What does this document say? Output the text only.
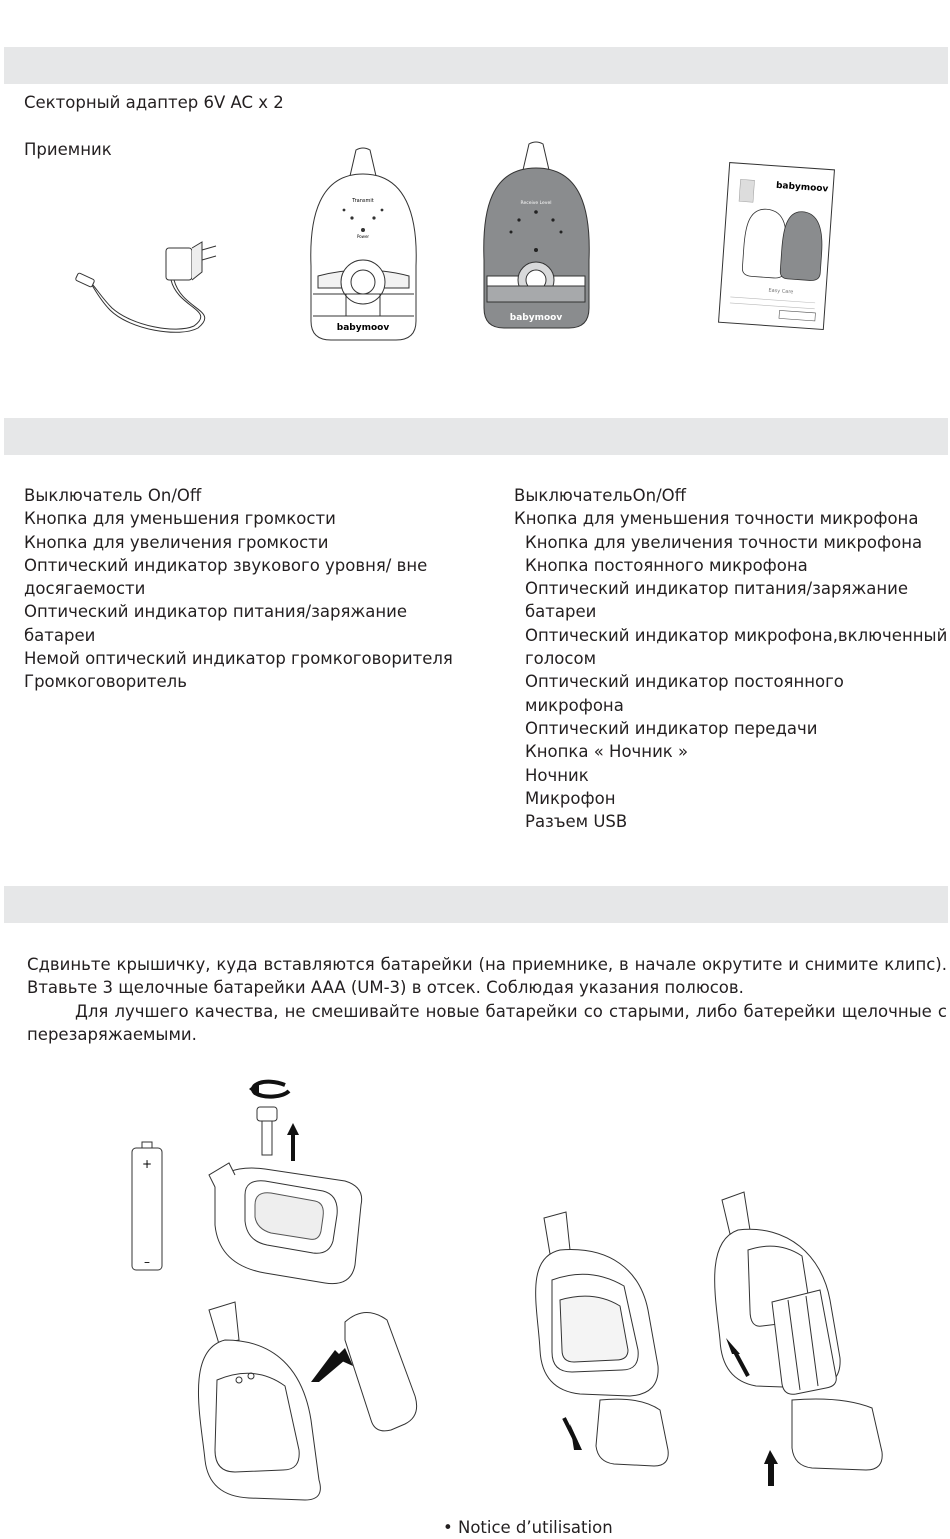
Секторный адаптер 6V AC x 2
Приемник
Transmit
Power
babymoov
Receive Level
babymoov
babymoov
Easy Care
Выключатель On/Off
Кнопка для уменьшения громкости
Кнопка для увеличения громкости
Оптический индикатор звукового уровня/ вне
досягаемости
Оптический индикатор питания/заряжание
батареи
Немой оптический индикатор громкоговорителя
Громкоговоритель
ВыключательOn/Off
Кнопка для уменьшения точности микрофона
Кнопка для увеличения точности микрофона
Кнопка постоянного микрофона
Оптический индикатор питания/заряжание
батареи
Оптический индикатор микрофона,включенный
голосом
Оптический индикатор постоянного
микрофона
Оптический индикатор передачи
Кнопка « Ночник »
Ночник
Микрофон
Разъем USB
Сдвиньте крышичку, куда вставляются батарейки (на приемнике, в начале окрутите и снимите клипс). Втавьте 3 щелочные батарейки AAA (UM-3) в отсек. Соблюдая указания полюсов.
Для лучшего качества, не смешивайте новые батарейки со старыми, либо батерейки щелочные с перезаряжаемыми.
+
–
• Notice d’utilisation
